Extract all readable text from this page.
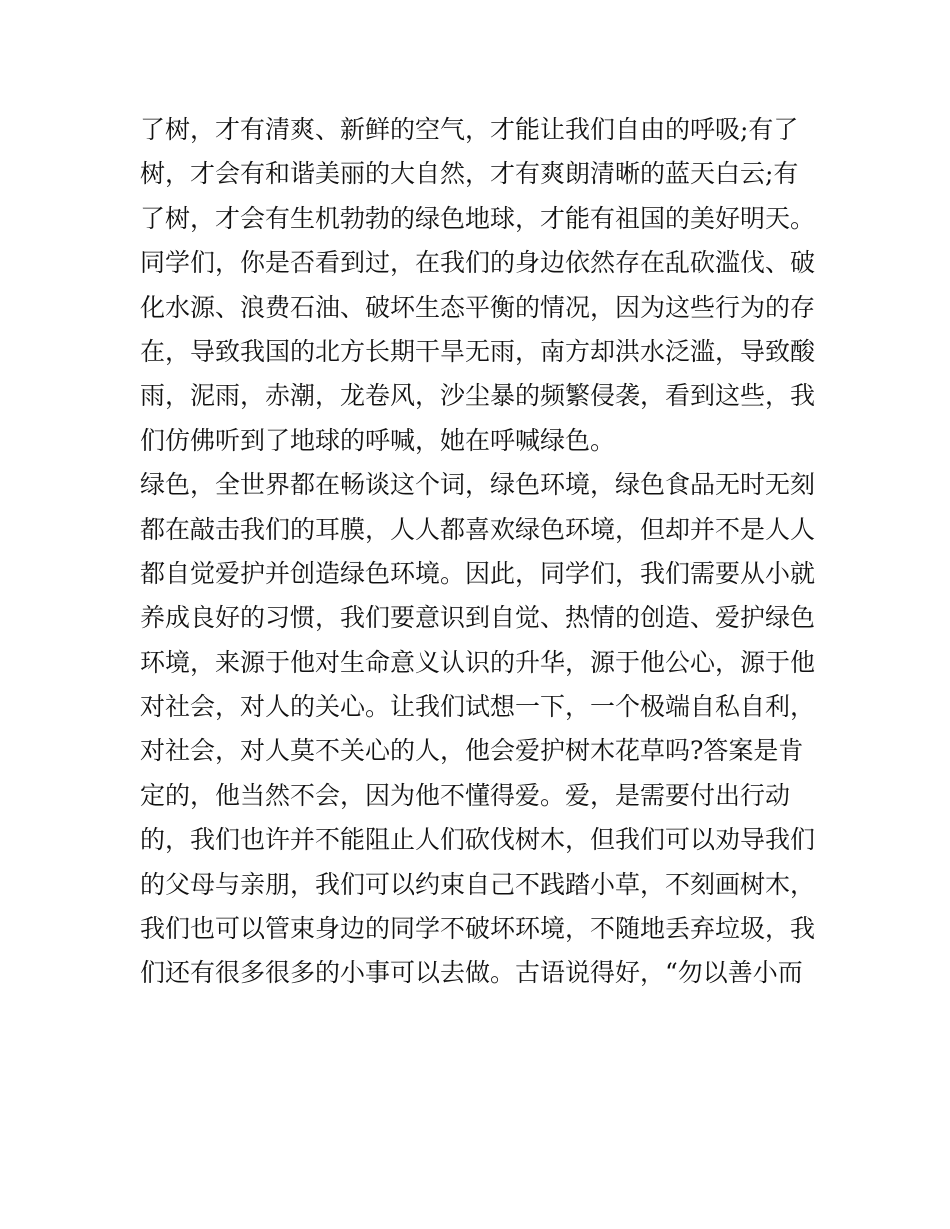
了树，才有清爽、新鲜的空气，才能让我们自由的呼吸;有了
树，才会有和谐美丽的大自然，才有爽朗清晰的蓝天白云;有
了树，才会有生机勃勃的绿色地球，才能有祖国的美好明天。
同学们，你是否看到过，在我们的身边依然存在乱砍滥伐、破
化水源、浪费石油、破坏生态平衡的情况，因为这些行为的存
在，导致我国的北方长期干旱无雨，南方却洪水泛滥，导致酸
雨，泥雨，赤潮，龙卷风，沙尘暴的频繁侵袭，看到这些，我
们仿佛听到了地球的呼喊，她在呼喊绿色。
绿色，全世界都在畅谈这个词，绿色环境，绿色食品无时无刻
都在敲击我们的耳膜，人人都喜欢绿色环境，但却并不是人人
都自觉爱护并创造绿色环境。因此，同学们，我们需要从小就
养成良好的习惯，我们要意识到自觉、热情的创造、爱护绿色
环境，来源于他对生命意义认识的升华，源于他公心，源于他
对社会，对人的关心。让我们试想一下，一个极端自私自利，
对社会，对人莫不关心的人，他会爱护树木花草吗?答案是肯
定的，他当然不会，因为他不懂得爱。爱，是需要付出行动
的，我们也许并不能阻止人们砍伐树木，但我们可以劝导我们
的父母与亲朋，我们可以约束自己不践踏小草，不刻画树木，
我们也可以管束身边的同学不破坏环境，不随地丢弃垃圾，我
们还有很多很多的小事可以去做。古语说得好，“勿以善小而
